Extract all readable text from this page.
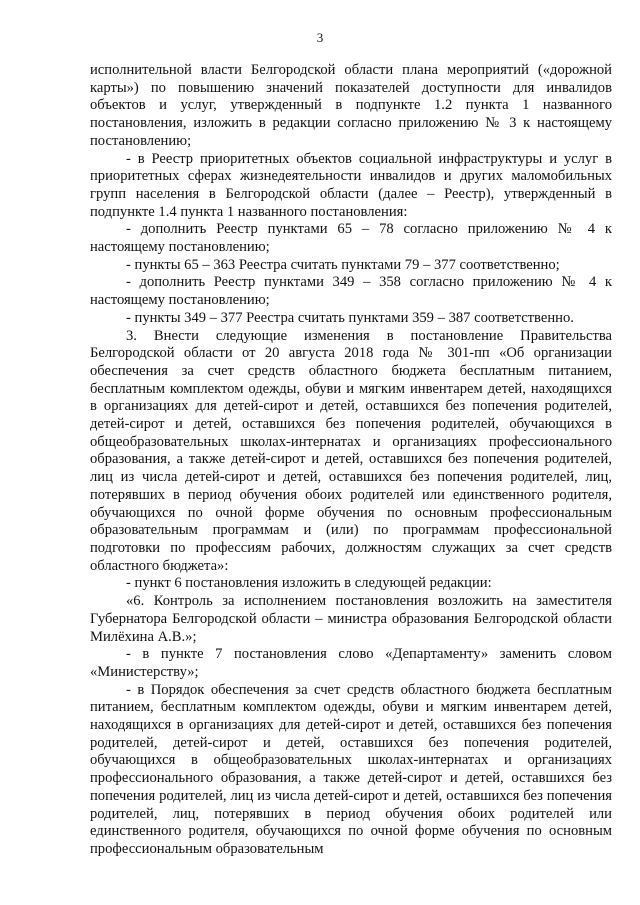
3

исполнительной власти Белгородской области плана мероприятий («дорожной карты») по повышению значений показателей доступности для инвалидов объектов и услуг, утвержденный в подпункте 1.2 пункта 1 названного постановления, изложить в редакции согласно приложению № 3 к настоящему постановлению;

- в Реестр приоритетных объектов социальной инфраструктуры и услуг в приоритетных сферах жизнедеятельности инвалидов и других маломобильных групп населения в Белгородской области (далее – Реестр), утвержденный в подпункте 1.4 пункта 1 названного постановления:

- дополнить Реестр пунктами 65 – 78 согласно приложению № 4 к настоящему постановлению;

- пункты 65 – 363 Реестра считать пунктами 79 – 377 соответственно;

- дополнить Реестр пунктами 349 – 358 согласно приложению № 4 к настоящему постановлению;

- пункты 349 – 377 Реестра считать пунктами 359 – 387 соответственно.

3. Внести следующие изменения в постановление Правительства Белгородской области от 20 августа 2018 года № 301-пп «Об организации обеспечения за счет средств областного бюджета бесплатным питанием, бесплатным комплектом одежды, обуви и мягким инвентарем детей, находящихся в организациях для детей-сирот и детей, оставшихся без попечения родителей, детей-сирот и детей, оставшихся без попечения родителей, обучающихся в общеобразовательных школах-интернатах и организациях профессионального образования, а также детей-сирот и детей, оставшихся без попечения родителей, лиц из числа детей-сирот и детей, оставшихся без попечения родителей, лиц, потерявших в период обучения обоих родителей или единственного родителя, обучающихся по очной форме обучения по основным профессиональным образовательным программам и (или) по программам профессиональной подготовки по профессиям рабочих, должностям служащих за счет средств областного бюджета»:

- пункт 6 постановления изложить в следующей редакции:

«6. Контроль за исполнением постановления возложить на заместителя Губернатора Белгородской области – министра образования Белгородской области Милёхина А.В.»;

- в пункте 7 постановления слово «Департаменту» заменить словом «Министерству»;

- в Порядок обеспечения за счет средств областного бюджета бесплатным питанием, бесплатным комплектом одежды, обуви и мягким инвентарем детей, находящихся в организациях для детей-сирот и детей, оставшихся без попечения родителей, детей-сирот и детей, оставшихся без попечения родителей, обучающихся в общеобразовательных школах-интернатах и организациях профессионального образования, а также детей-сирот и детей, оставшихся без попечения родителей, лиц из числа детей-сирот и детей, оставшихся без попечения родителей, лиц, потерявших в период обучения обоих родителей или единственного родителя, обучающихся по очной форме обучения по основным профессиональным образовательным
